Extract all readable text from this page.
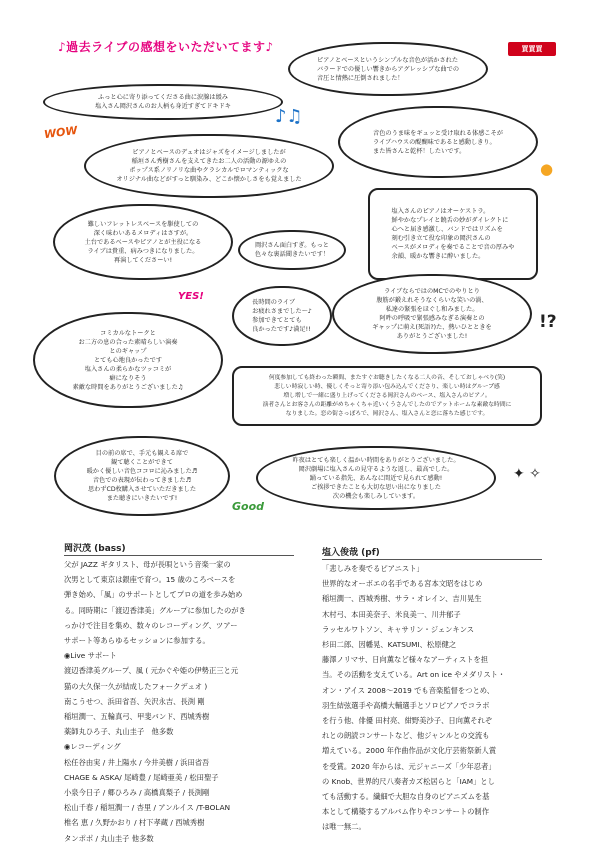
♪過去ライブの感想をいただいてます♪
WOW
YES!
Good
!?
買買買
♪♫
●
✦ ✧
ピアノとベースというシンプルな音色が活かされた
バラードでの優しい響きからアグレッシブな曲での
音圧と情熱に圧倒されました！
ふっと心に寄り添ってくださる曲に涙腺は緩み
塩入さん岡沢さんのお人柄も身近すぎてドキドキ
音色のうま味をギュッと受け取れる体感こそが
ライブハウスの醍醐味であると感動しきり。
また皆さんと乾杯！したいです。
ピアノとベースのデュオはジャズをイメージしましたが
稲垣さん秀樹さんを支えてきたお二人の活動の源ゆえの
ポップス系ノリノリな曲やクラシカルでロマンティックな
オリジナル曲などがすっと馴染み、どこか懐かしさをも覚えました
塩入さんのピアノはオーケストラ。
鮮やかなプレイと饒舌の妙がダイレクトに
心へと届き感激し、バンドではリズムを
刻む引き立て役な印象の岡沢さんの
ベースがメロディを奏でることで音の厚みや
余韻、暖かな響きに酔いました。
難しいフレットレスベースを駆使しての
深く味わいあるメロディはさすが。
土台であるベースやピアノとが主役になる
ライブは貴重、病みつきになりました。
再演してくださーい!
岡沢さん面白すぎ。もっと
色々な裏話聞きたいです！
長時間のライブ
お疲れさまでした〜♪
参加できてとても
良かったです♪満足!!
ライブならではのMCでのやりとり
腹筋が鍛えれそうなくらいな笑いの渦、
私達の緊張をほぐし和みました。
阿吽の呼吸で緊張感みなぎる演奏との
ギャップに萌え(死語?)た、熱いひとときを
ありがとうございました!
コミカルなトークと
お二方の息の合った素晴らしい演奏
とのギャップ
とても心地良かったです
塩入さんの柔らかなツッコミが
癖になりそう
素敵な時間をありがとうございました♫
何度参加しても終わった瞬間、またすぐお聴きしたくなる二人の音、そしておしゃべり(笑)
悲しい時寂しい時、優しくそっと寄り添い包み込んでくださり、楽しい時はグループ感
増し増しで一緒に盛り上げってくださる岡沢さんのベース、塩入さんのピアノ。
演者さんとお客さんの距離がめちゃくちゃ近いくうさんでしたのでアットホームな素敵な時間に
なりました。恋の街さっぽろで、岡沢さん、塩入さんと恋に落ちた感じです。
目の前の席で、手元も観える席で
観て聴くことができて
暖かく優しい音色ココロに沁みました♬
音色での表現が伝わってきました♬
思わずCD枚購入させていただきました
また聴きにいきたいです!
昨夜はとても楽しく温かい時間をありがとうございました。
岡沢劇場に塩入さんの見守るような返し、最高でした。
踊っている指先、あんなに間近で見られて感動!
ご挨拶できたことも大切な思い出になりました
次の機会も楽しみしています。
岡沢茂 (bass)
父が JAZZ ギタリスト、母が長唄という音楽一家の
次男として東京は銀座で育つ。15 歳のころベースを
弾き始め、「風」のサポートとしてプロの道を歩み始め
る。同時期に「渡辺香津美」グループに参加したのがき
っかけで注目を集め、数々のレコーディング、ツアー
サポート等あらゆるセッションに参加する。
◉Live サポート
渡辺香津美グループ、風 ( 元かぐや姫の伊勢正三と元
猫の大久保一久が結成したフォークデュオ )
南こうせつ、浜田省吾、矢沢永吉、長渕 剛
稲垣潤一、五輪真弓、甲斐バンド、西城秀樹
薬師丸ひろ子、丸山圭子　他多数
◉レコーディング
松任谷由実 / 井上陽水 / 今井美樹 / 浜田省吾
CHAGE & ASKA/ 尾崎豊 / 尾崎亜美 / 松田聖子
小泉今日子 / 郷ひろみ / 高橋真梨子 / 長渕剛
松山千春 / 稲垣潤一 / 杏里 / アンルイス /T-BOLAN
椎名 恵 / 久野かおり / 村下孝蔵 / 西城秀樹
タンポポ / 丸山圭子 他多数
塩入俊哉 (pf)
「悲しみを奏でるピアニスト」
世界的なオーボエの名手である宮本文昭をはじめ
稲垣潤一、西城秀樹、サラ・オレイン、吉川晃生
木村弓、本田美奈子、米良美一、川井郁子
ラッセルワトソン、キャサリン・ジェンキンス
杉田二郎、因幡晃、KATSUMI、松原健之
藤澤ノリマサ、日向薫など様々なアーティストを担
当。その活動を支えている。Art on ice やメダリスト・
オン・アイス 2008〜2019 でも音楽監督をつとめ、
羽生結弦選手や高橋大輔選手とソロピアノでコラボ
を行う他、俳優 田村亮、紺野美沙子、日向薫それぞ
れとの朗読コンサートなど、他ジャンルとの交流も
増えている。2000 年作曲作品が文化庁芸術祭新人賞
を受賞。2020 年からは、元ジャニーズ「少年忍者」
の Knob、世界的尺八奏者カズ松居らと「IAM」とし
ても活動する。繊細で大胆な自身のピアニズムを基
本として構築するアルバム作りやコンサートの制作
は唯一無二。
